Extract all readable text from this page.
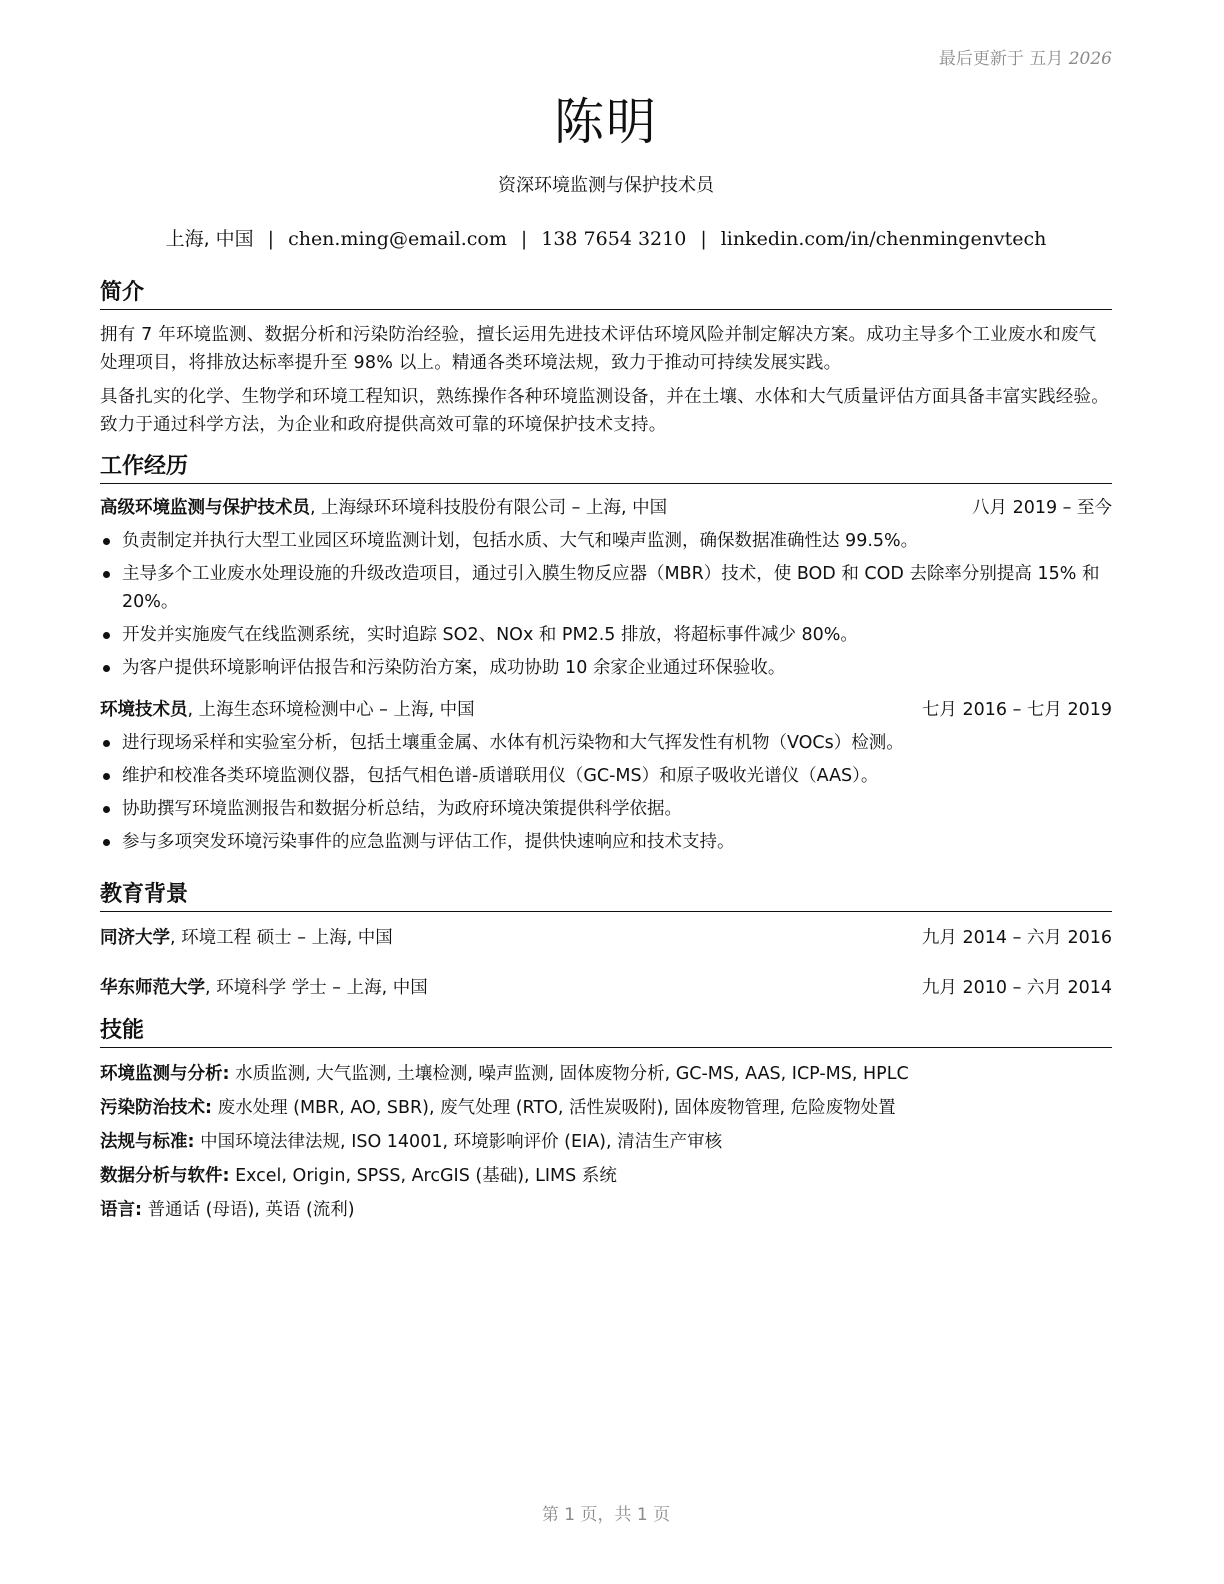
最后更新于 五月 2026
陈明
资深环境监测与保护技术员
上海, 中国 | chen.ming@email.com | 138 7654 3210 | linkedin.com/in/chenmingenvtech
简介

拥有 7 年环境监测、数据分析和污染防治经验，擅长运用先进技术评估环境风险并制定解决方案。成功主导多个工业废水和废气处理项目，将排放达标率提升至 98% 以上。精通各类环境法规，致力于推动可持续发展实践。

具备扎实的化学、生物学和环境工程知识，熟练操作各种环境监测设备，并在土壤、水体和大气质量评估方面具备丰富实践经验。致力于通过科学方法，为企业和政府提供高效可靠的环境保护技术支持。

工作经历
高级环境监测与保护技术员, 上海绿环环境科技股份有限公司 – 上海, 中国	八月 2019 – 至今
负责制定并执行大型工业园区环境监测计划，包括水质、大气和噪声监测，确保数据准确性达 99.5%。
主导多个工业废水处理设施的升级改造项目，通过引入膜生物反应器（MBR）技术，使 BOD 和 COD 去除率分别提高 15% 和 20%。
开发并实施废气在线监测系统，实时追踪 SO2、NOx 和 PM2.5 排放，将超标事件减少 80%。
为客户提供环境影响评估报告和污染防治方案，成功协助 10 余家企业通过环保验收。
环境技术员, 上海生态环境检测中心 – 上海, 中国	七月 2016 – 七月 2019
进行现场采样和实验室分析，包括土壤重金属、水体有机污染物和大气挥发性有机物（VOCs）检测。
维护和校准各类环境监测仪器，包括气相色谱-质谱联用仪（GC-MS）和原子吸收光谱仪（AAS）。
协助撰写环境监测报告和数据分析总结，为政府环境决策提供科学依据。
参与多项突发环境污染事件的应急监测与评估工作，提供快速响应和技术支持。
教育背景
同济大学, 环境工程 硕士 – 上海, 中国	九月 2014 – 六月 2016
华东师范大学, 环境科学 学士 – 上海, 中国	九月 2010 – 六月 2014
技能
环境监测与分析: 水质监测, 大气监测, 土壤检测, 噪声监测, 固体废物分析, GC-MS, AAS, ICP-MS, HPLC
污染防治技术: 废水处理 (MBR, AO, SBR), 废气处理 (RTO, 活性炭吸附), 固体废物管理, 危险废物处置
法规与标准: 中国环境法律法规, ISO 14001, 环境影响评价 (EIA), 清洁生产审核
数据分析与软件: Excel, Origin, SPSS, ArcGIS (基础), LIMS 系统
语言: 普通话 (母语), 英语 (流利)
第 1 页，共 1 页
